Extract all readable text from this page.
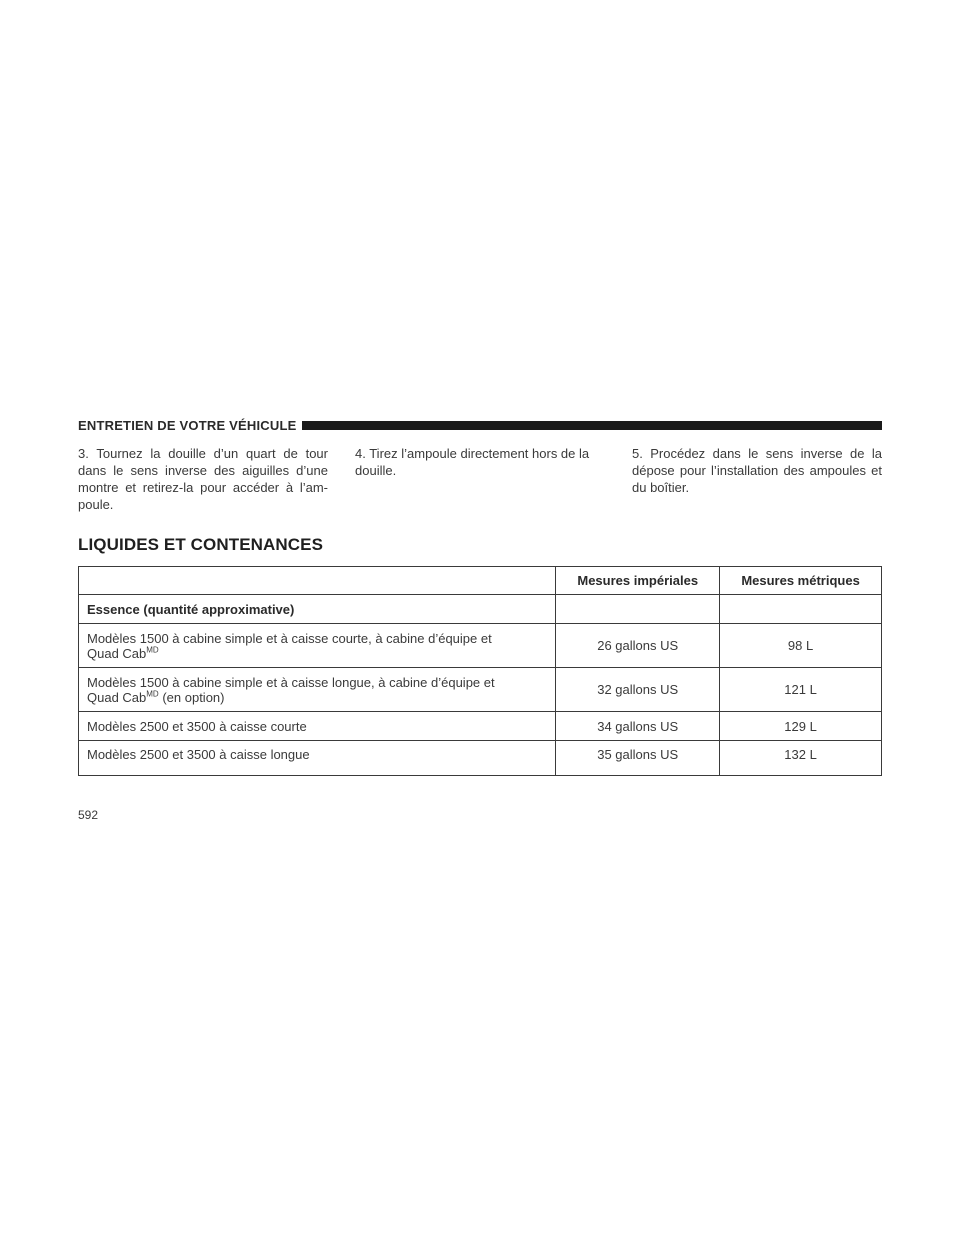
ENTRETIEN DE VOTRE VÉHICULE

3. Tournez la douille d’un quart de tour dans le sens inverse des aiguilles d’une montre et retirez-la pour accéder à l’am-poule.

4. Tirez l’ampoule directement hors de la douille.

5. Procédez dans le sens inverse de la dépose pour l’installation des ampoules et du boîtier.

LIQUIDES ET CONTENANCES
	Mesures impériales	Mesures métriques
Essence (quantité approximative)		
Modèles 1500 à cabine simple et à caisse courte, à cabine d’équipe et
Quad Cab$^{MD}$	26 gallons US	98 L
Modèles 1500 à cabine simple et à caisse longue, à cabine d’équipe et
Quad Cab$^{MD}$ (en option)	32 gallons US	121 L
Modèles 2500 et 3500 à caisse courte	34 gallons US	129 L
Modèles 2500 et 3500 à caisse longue	35 gallons US	132 L
592
